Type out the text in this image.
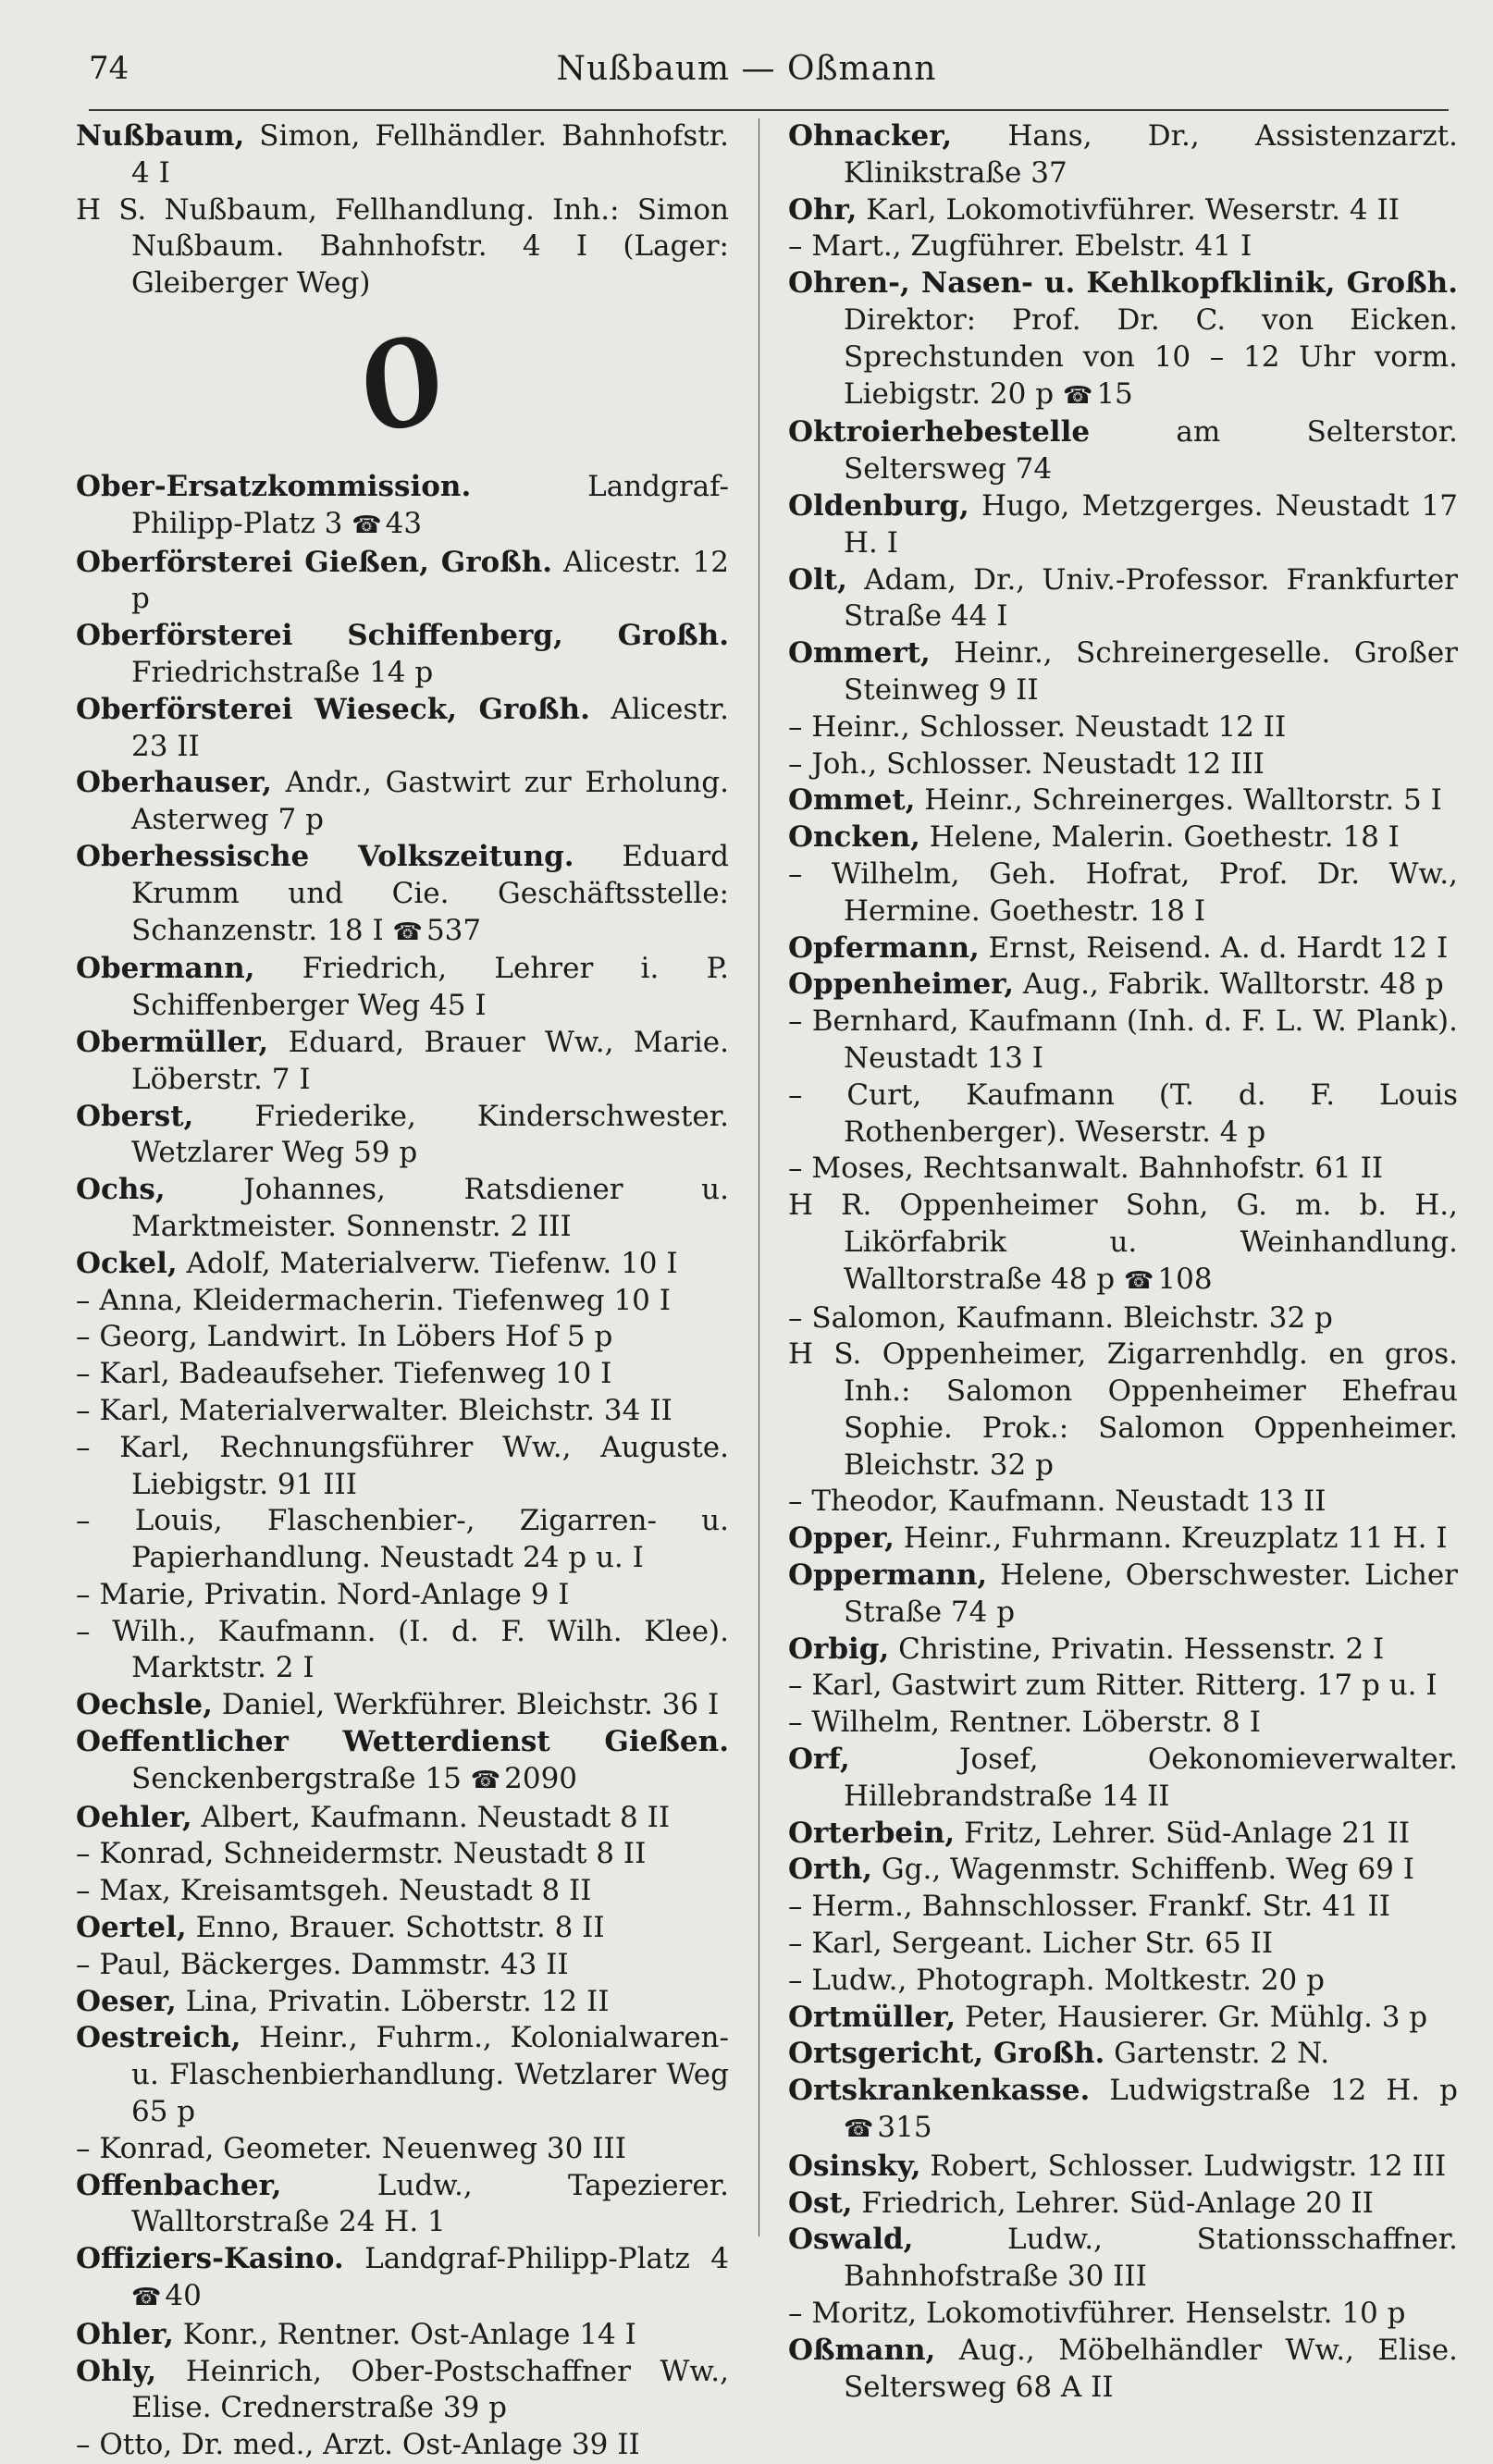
74	Nußbaum — Oßmann

Nußbaum, Simon, Fellhändler. Bahnhofstr. 4 I

H S. Nußbaum, Fellhandlung. Inh.: Simon Nußbaum. Bahnhofstr. 4 I (Lager: Gleiberger Weg)

O

Ober-Ersatzkommission. Landgraf-Philipp-Platz 3 ☎ 43

Oberförsterei Gießen, Großh. Alicestr. 12 p

Oberförsterei Schiffenberg, Großh. Friedrichstraße 14 p

Oberförsterei Wieseck, Großh. Alicestr. 23 II

Oberhauser, Andr., Gastwirt zur Erholung. Asterweg 7 p

Oberhessische Volkszeitung. Eduard Krumm und Cie. Geschäftsstelle: Schanzenstr. 18 I ☎ 537

Obermann, Friedrich, Lehrer i. P. Schiffenberger Weg 45 I

Obermüller, Eduard, Brauer Ww., Marie. Löberstr. 7 I

Oberst, Friederike, Kinderschwester. Wetzlarer Weg 59 p

Ochs, Johannes, Ratsdiener u. Marktmeister. Sonnenstr. 2 III

Ockel, Adolf, Materialverw. Tiefenw. 10 I

– Anna, Kleidermacherin. Tiefenweg 10 I

– Georg, Landwirt. In Löbers Hof 5 p

– Karl, Badeaufseher. Tiefenweg 10 I

– Karl, Materialverwalter. Bleichstr. 34 II

– Karl, Rechnungsführer Ww., Auguste. Liebigstr. 91 III

– Louis, Flaschenbier-, Zigarren- u. Papierhandlung. Neustadt 24 p u. I

– Marie, Privatin. Nord-Anlage 9 I

– Wilh., Kaufmann. (I. d. F. Wilh. Klee). Marktstr. 2 I

Oechsle, Daniel, Werkführer. Bleichstr. 36 I

Oeffentlicher Wetterdienst Gießen. Senckenbergstraße 15 ☎ 2090

Oehler, Albert, Kaufmann. Neustadt 8 II

– Konrad, Schneidermstr. Neustadt 8 II

– Max, Kreisamtsgeh. Neustadt 8 II

Oertel, Enno, Brauer. Schottstr. 8 II

– Paul, Bäckerges. Dammstr. 43 II

Oeser, Lina, Privatin. Löberstr. 12 II

Oestreich, Heinr., Fuhrm., Kolonialwaren- u. Flaschenbierhandlung. Wetzlarer Weg 65 p

– Konrad, Geometer. Neuenweg 30 III

Offenbacher, Ludw., Tapezierer. Walltorstraße 24 H. 1

Offiziers-Kasino. Landgraf-Philipp-Platz 4 ☎ 40

Ohler, Konr., Rentner. Ost-Anlage 14 I

Ohly, Heinrich, Ober-Postschaffner Ww., Elise. Crednerstraße 39 p

– Otto, Dr. med., Arzt. Ost-Anlage 39 II

Ohnacker, Hans, Dr., Assistenzarzt. Klinikstraße 37

Ohr, Karl, Lokomotivführer. Weserstr. 4 II

– Mart., Zugführer. Ebelstr. 41 I

Ohren-, Nasen- u. Kehlkopfklinik, Großh. Direktor: Prof. Dr. C. von Eicken. Sprechstunden von 10 – 12 Uhr vorm. Liebigstr. 20 p ☎ 15

Oktroierhebestelle am Selterstor. Seltersweg 74

Oldenburg, Hugo, Metzgerges. Neustadt 17 H. I

Olt, Adam, Dr., Univ.-Professor. Frankfurter Straße 44 I

Ommert, Heinr., Schreinergeselle. Großer Steinweg 9 II

– Heinr., Schlosser. Neustadt 12 II

– Joh., Schlosser. Neustadt 12 III

Ommet, Heinr., Schreinerges. Walltorstr. 5 I

Oncken, Helene, Malerin. Goethestr. 18 I

– Wilhelm, Geh. Hofrat, Prof. Dr. Ww., Hermine. Goethestr. 18 I

Opfermann, Ernst, Reisend. A. d. Hardt 12 I

Oppenheimer, Aug., Fabrik. Walltorstr. 48 p

– Bernhard, Kaufmann (Inh. d. F. L. W. Plank). Neustadt 13 I

– Curt, Kaufmann (T. d. F. Louis Rothenberger). Weserstr. 4 p

– Moses, Rechtsanwalt. Bahnhofstr. 61 II

H R. Oppenheimer Sohn, G. m. b. H., Likörfabrik u. Weinhandlung. Walltorstraße 48 p ☎ 108

– Salomon, Kaufmann. Bleichstr. 32 p

H S. Oppenheimer, Zigarrenhdlg. en gros. Inh.: Salomon Oppenheimer Ehefrau Sophie. Prok.: Salomon Oppenheimer. Bleichstr. 32 p

– Theodor, Kaufmann. Neustadt 13 II

Opper, Heinr., Fuhrmann. Kreuzplatz 11 H. I

Oppermann, Helene, Oberschwester. Licher Straße 74 p

Orbig, Christine, Privatin. Hessenstr. 2 I

– Karl, Gastwirt zum Ritter. Ritterg. 17 p u. I

– Wilhelm, Rentner. Löberstr. 8 I

Orf, Josef, Oekonomieverwalter. Hillebrandstraße 14 II

Orterbein, Fritz, Lehrer. Süd-Anlage 21 II

Orth, Gg., Wagenmstr. Schiffenb. Weg 69 I

– Herm., Bahnschlosser. Frankf. Str. 41 II

– Karl, Sergeant. Licher Str. 65 II

– Ludw., Photograph. Moltkestr. 20 p

Ortmüller, Peter, Hausierer. Gr. Mühlg. 3 p

Ortsgericht, Großh. Gartenstr. 2 N.

Ortskrankenkasse. Ludwigstraße 12 H. p ☎ 315

Osinsky, Robert, Schlosser. Ludwigstr. 12 III

Ost, Friedrich, Lehrer. Süd-Anlage 20 II

Oswald, Ludw., Stationsschaffner. Bahnhofstraße 30 III

– Moritz, Lokomotivführer. Henselstr. 10 p

Oßmann, Aug., Möbelhändler Ww., Elise. Seltersweg 68 A II
